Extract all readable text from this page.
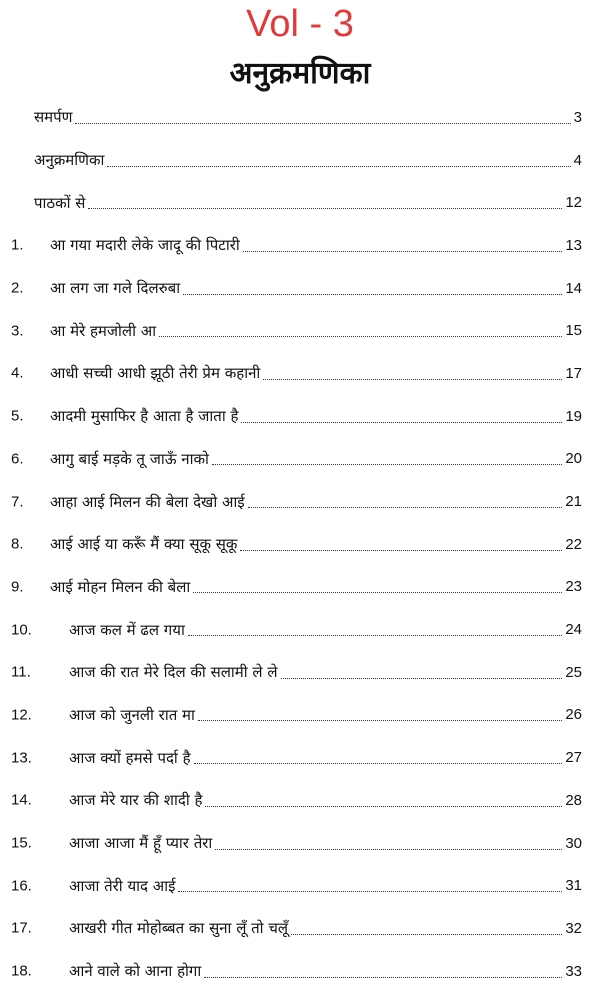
Vol - 3
अनुक्रमणिका
समर्पण	3
अनुक्रमणिका	4
पाठकों से	12
1. आ गया मदारी लेके जादू की पिटारी	13
2. आ लग जा गले दिलरुबा	14
3. आ मेरे हमजोली आ	15
4. आधी सच्ची आधी झूठी तेरी प्रेम कहानी	17
5. आदमी मुसाफिर है आता है जाता है	19
6. आगु बाई मड़के तू जाऊँ नाको	20
7. आहा आई मिलन की बेला देखो आई	21
8. आई आई या करूँ मैं क्या सूकू सूकू	22
9. आई मोहन मिलन की बेला	23
10. आज कल में ढल गया	24
11.	आज की रात मेरे दिल की सलामी ले ले	25
12. आज को जुनली रात मा	26
13. आज क्यों हमसे पर्दा है	27
14. आज मेरे यार की शादी है	28
15. आजा आजा मैं हूँ प्यार तेरा	30
16. आजा तेरी याद आई	31
17. आखरी गीत मोहोब्बत का सुना लूँ तो चलूँ	32
18. आने वाले को आना होगा	33
